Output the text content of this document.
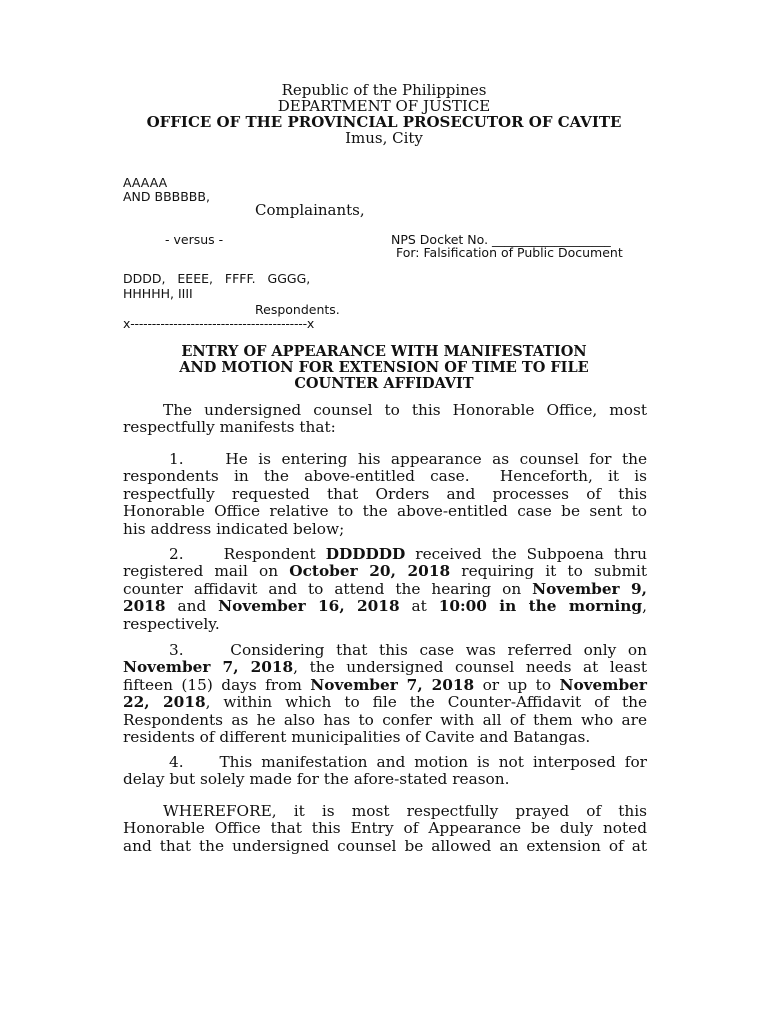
Republic of the Philippines
DEPARTMENT OF JUSTICE
OFFICE OF THE PROVINCIAL PROSECUTOR OF CAVITE
Imus, City
AAAAA
AND BBBBBB,
Complainants,
- versus -	NPS Docket No. ___________________
For: Falsification of Public Document
DDDD,   EEEE,   FFFF.   GGGG,
HHHHH, IIII
Respondents.
x-----------------------------------------x
ENTRY OF APPEARANCE WITH MANIFESTATION
AND MOTION FOR EXTENSION OF TIME TO FILE
COUNTER AFFIDAVIT
The undersigned counsel to this Honorable Office, most
respectfully manifests that:
1.    He is entering his appearance as counsel for the
respondents in the above-entitled case.  Henceforth, it is
respectfully requested that Orders and processes of this
Honorable Office relative to the above-entitled case be sent to
his address indicated below;
2.    Respondent DDDDDD received the Subpoena thru
registered mail on October 20, 2018 requiring it to submit
counter affidavit and to attend the hearing on November 9,
2018 and November 16, 2018 at 10:00 in the morning,
respectively.
3.    Considering that this case was referred only on
November 7, 2018, the undersigned counsel needs at least
fifteen (15) days from November 7, 2018 or up to November
22, 2018, within which to file the Counter-Affidavit of the
Respondents as he also has to confer with all of them who are
residents of different municipalities of Cavite and Batangas.
4.    This manifestation and motion is not interposed for
delay but solely made for the afore-stated reason.
WHEREFORE, it is most respectfully prayed of this
Honorable Office that this Entry of Appearance be duly noted
and that the undersigned counsel be allowed an extension of at
